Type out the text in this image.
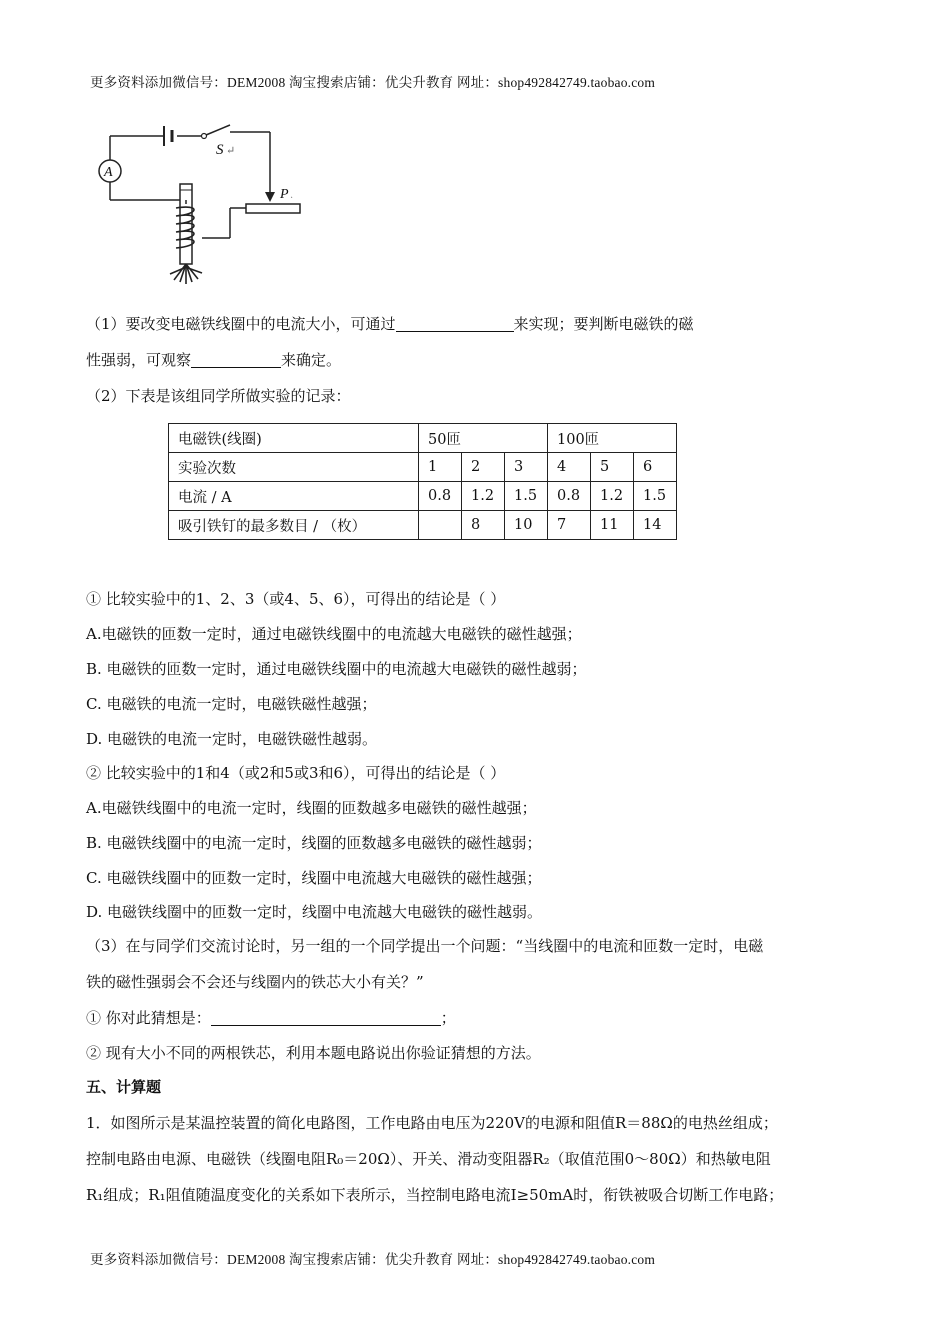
更多资料添加微信号：DEM2008 淘宝搜索店铺：优尖升教育 网址：shop492842749.taobao.com
S ↵
A
P .
（1）要改变电磁铁线圈中的电流大小，可通过	来实现；要判断电磁铁的磁
性强弱，可观察	来确定。
（2）下表是该组同学所做实验的记录：
电磁铁(线圈)	50匝			100匝		
实验次数	1	2	3	4	5	6
电流 / A	0.8	1.2	1.5	0.8	1.2	1.5
吸引铁钉的最多数目 / （枚）		8	10	7	11	14
① 比较实验中的1、2、3（或4、5、6），可得出的结论是（ ）
A.电磁铁的匝数一定时，通过电磁铁线圈中的电流越大电磁铁的磁性越强；
B. 电磁铁的匝数一定时，通过电磁铁线圈中的电流越大电磁铁的磁性越弱；
C. 电磁铁的电流一定时，电磁铁磁性越强；
D. 电磁铁的电流一定时，电磁铁磁性越弱。
② 比较实验中的1和4（或2和5或3和6），可得出的结论是（ ）
A.电磁铁线圈中的电流一定时，线圈的匝数越多电磁铁的磁性越强；
B. 电磁铁线圈中的电流一定时，线圈的匝数越多电磁铁的磁性越弱；
C. 电磁铁线圈中的匝数一定时，线圈中电流越大电磁铁的磁性越强；
D. 电磁铁线圈中的匝数一定时，线圈中电流越大电磁铁的磁性越弱。
（3）在与同学们交流讨论时，另一组的一个同学提出一个问题：“当线圈中的电流和匝数一定时，电磁
铁的磁性强弱会不会还与线圈内的铁芯大小有关？”
① 你对此猜想是：	；
② 现有大小不同的两根铁芯，利用本题电路说出你验证猜想的方法。
五、计算题
1．如图所示是某温控装置的简化电路图，工作电路由电压为220V的电源和阻值R＝88Ω的电热丝组成；
控制电路由电源、电磁铁（线圈电阻R₀＝20Ω）、开关、滑动变阻器R₂（取值范围0～80Ω）和热敏电阻
R₁组成；R₁阻值随温度变化的关系如下表所示，当控制电路电流I≥50mA时，衔铁被吸合切断工作电路；
更多资料添加微信号：DEM2008 淘宝搜索店铺：优尖升教育 网址：shop492842749.taobao.com
